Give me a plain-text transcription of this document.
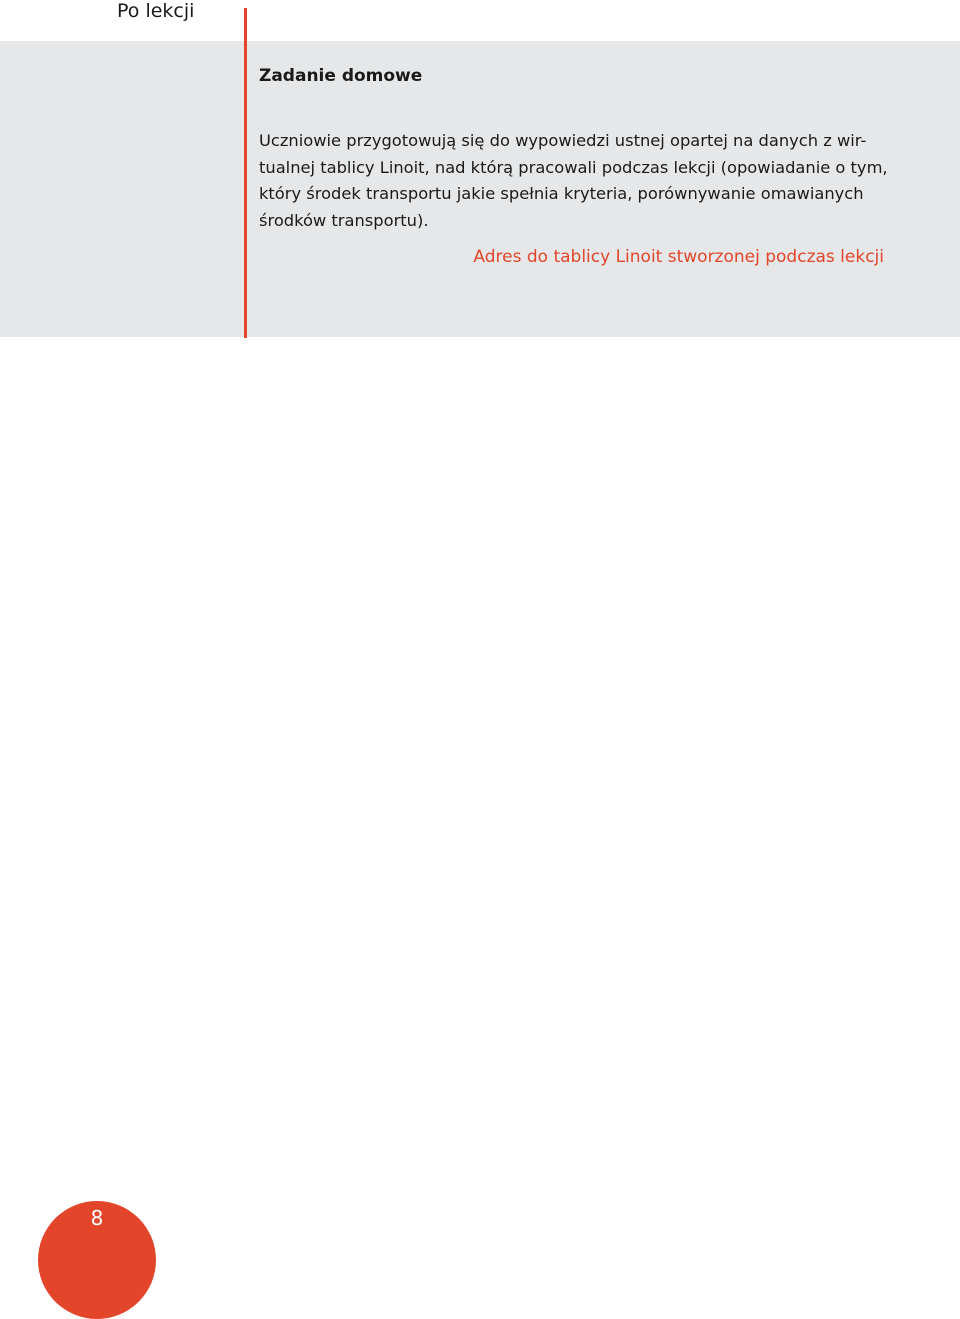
Po lekcji
Zadanie domowe
Uczniowie przygotowują się do wypowiedzi ustnej opartej na danych z wir-
tualnej tablicy Linoit, nad którą pracowali podczas lekcji (opowiadanie o tym,
który środek transportu jakie spełnia kryteria, porównywanie omawianych
środków transportu).
Adres do tablicy Linoit stworzonej podczas lekcji
8
